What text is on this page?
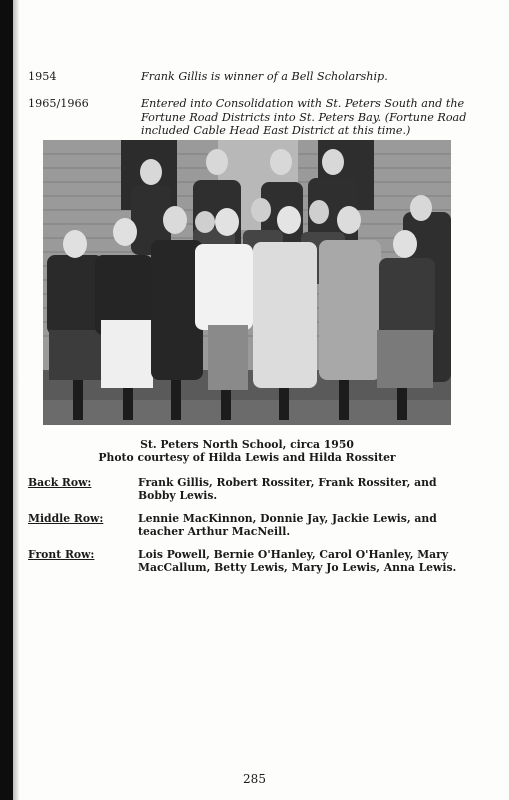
1954	Frank Gillis is winner of a Bell Scholarship.
1965/1966	Entered into Consolidation with St. Peters South and the Fortune Road Districts into St. Peters Bay. (Fortune Road included Cable Head East District at this time.)
St. Peters North School, circa 1950
Photo courtesy of Hilda Lewis and Hilda Rossiter
Back Row:	Frank Gillis, Robert Rossiter, Frank Rossiter, and Bobby Lewis.
Middle Row:	Lennie MacKinnon, Donnie Jay, Jackie Lewis, and teacher Arthur MacNeill.
Front Row:	Lois Powell, Bernie O'Hanley, Carol O'Hanley, Mary MacCallum, Betty Lewis, Mary Jo Lewis, Anna Lewis.
285
